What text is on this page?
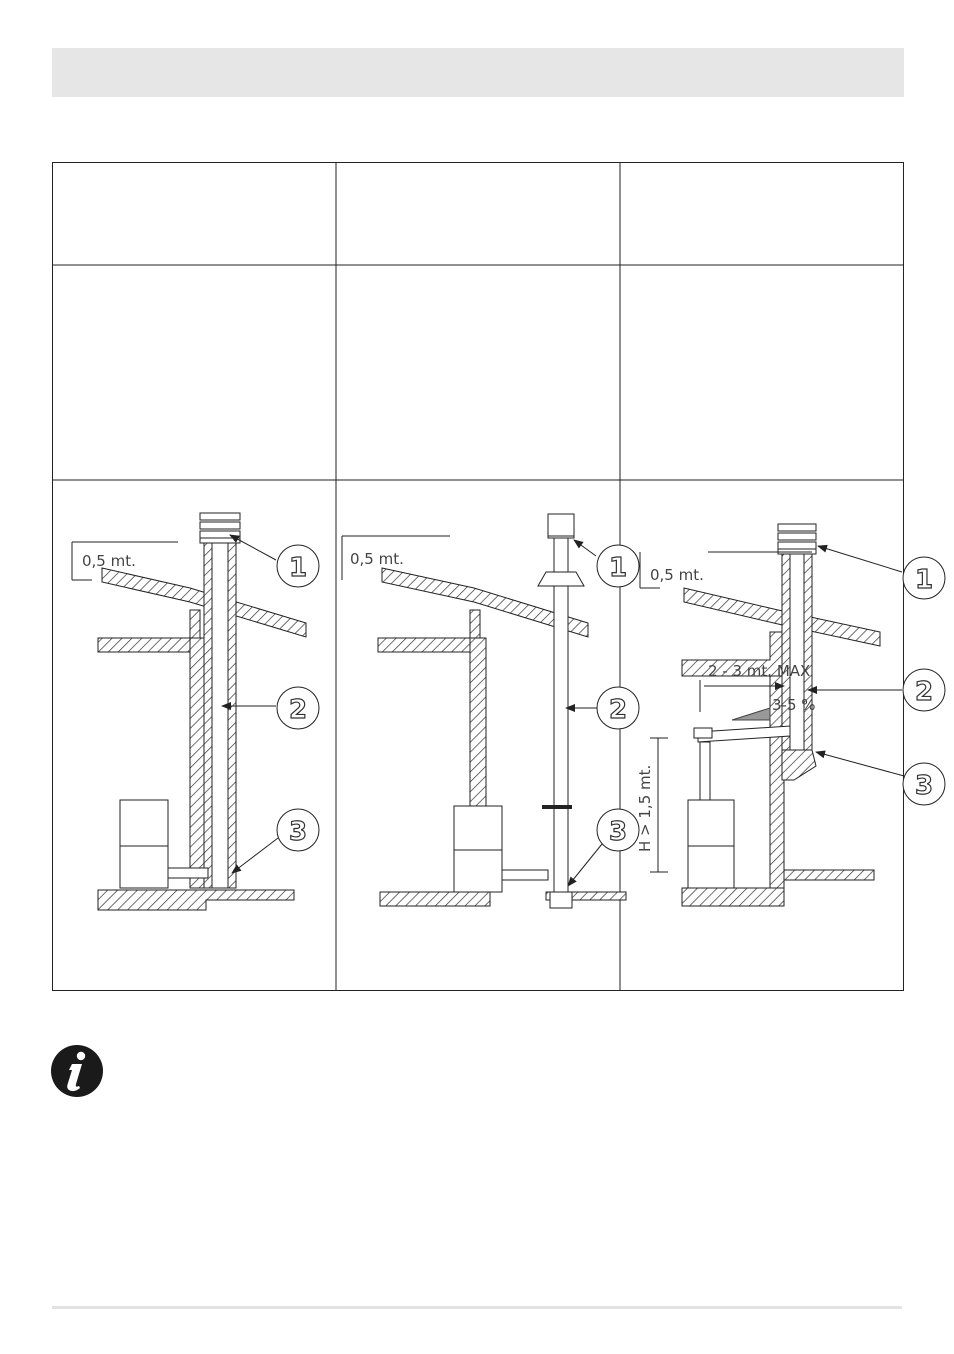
0,5 mt.	1
2
3
0,5 mt.	1
2
3
0,5 mt.
2 - 3 mt. MAX
3-5 %
H > 1,5 mt.
1
2
3
